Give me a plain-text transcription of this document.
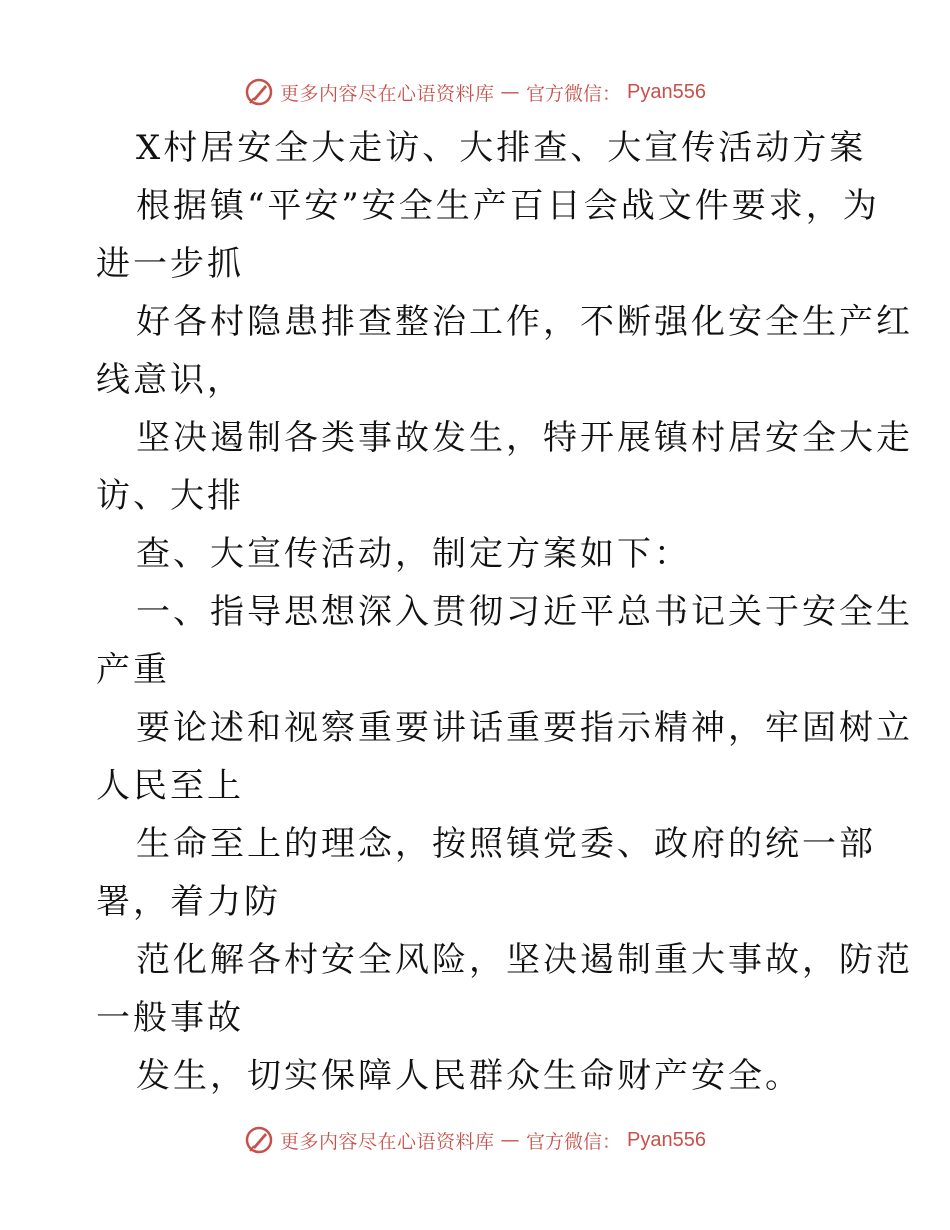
更多内容尽在心语资料库 — 官方微信： Pyan556
X村居安全大走访、大排查、大宣传活动方案
根据镇“平安”安全生产百日会战文件要求，为
进一步抓
好各村隐患排查整治工作，不断强化安全生产红
线意识，
坚决遏制各类事故发生，特开展镇村居安全大走
访、大排
查、大宣传活动，制定方案如下：
一、指导思想深入贯彻习近平总书记关于安全生
产重
要论述和视察重要讲话重要指示精神，牢固树立
人民至上
生命至上的理念，按照镇党委、政府的统一部
署，着力防
范化解各村安全风险，坚决遏制重大事故，防范
一般事故
发生，切实保障人民群众生命财产安全。
更多内容尽在心语资料库 — 官方微信： Pyan556
